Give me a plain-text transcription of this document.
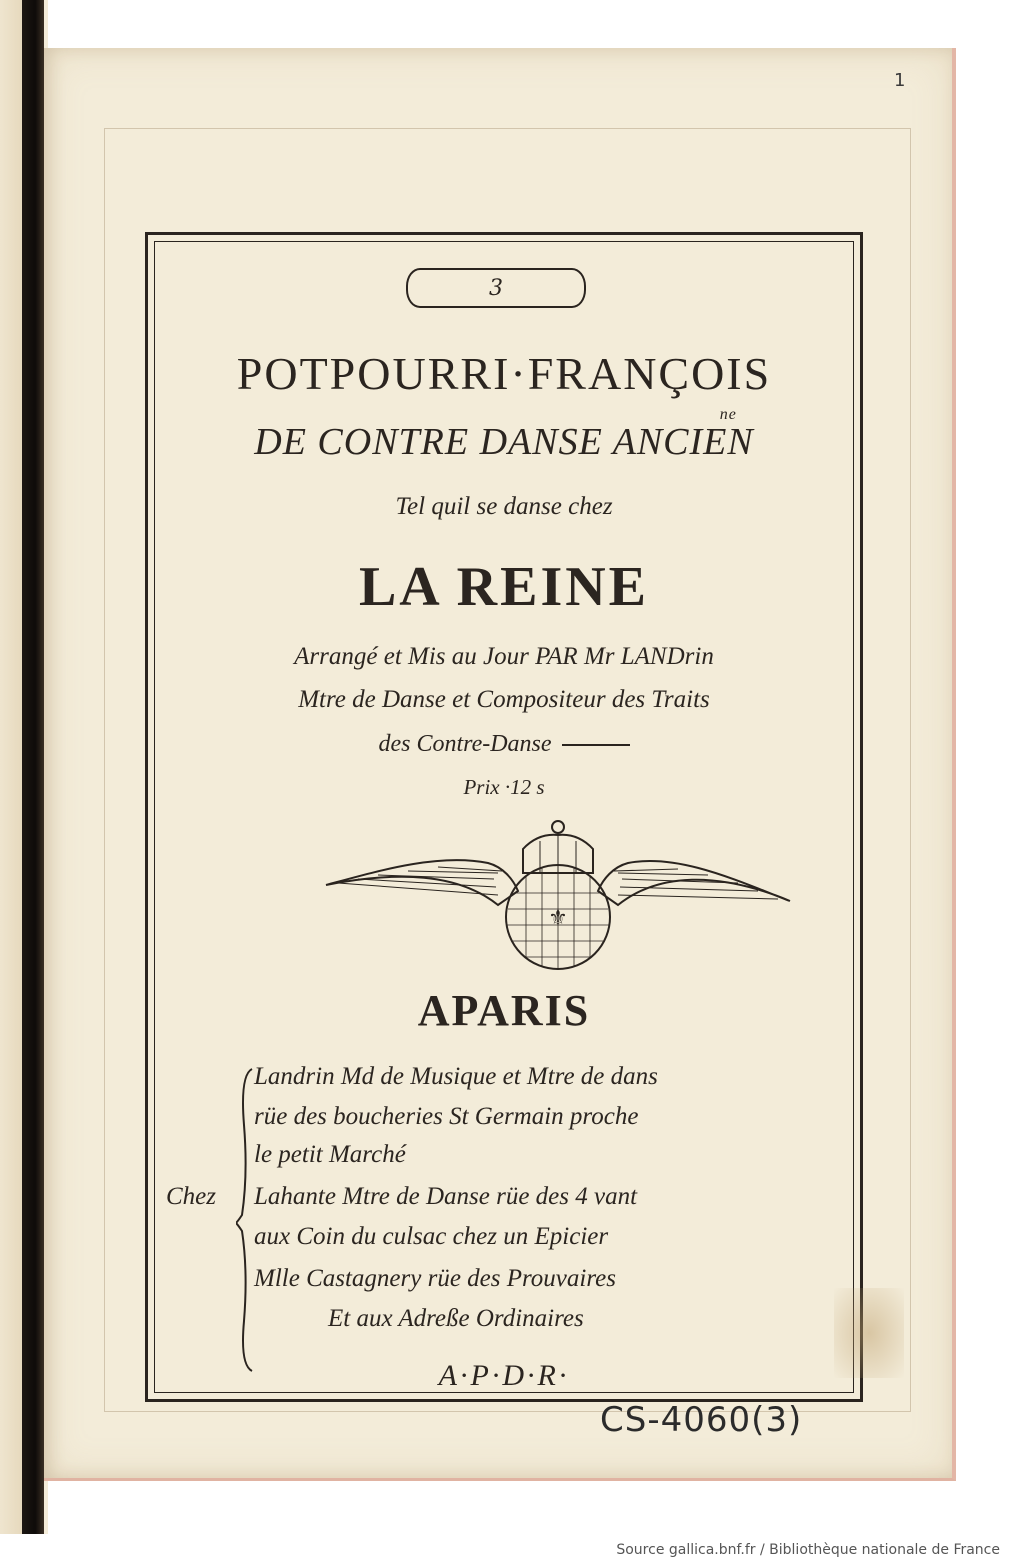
1
3
POTPOURRI·FRANÇOIS
DE CONTRE DANSE ANCIEN
ne
Tel quil se danse chez
LA REINE
Arrangé et Mis au Jour PAR Mr LANDrin
Mtre de Danse et Compositeur des Traits
des Contre-Danse
Prix ·12 s
⚜
APARIS
Chez
Landrin Md de Musique et Mtre de dans
rüe des boucheries St Germain proche
le petit Marché
Lahante Mtre de Danse rüe des 4 vant
aux Coin du culsac chez un Epicier
Mlle Castagnery rüe des Prouvaires
Et aux Adreße Ordinaires
A·P·D·R·
CS-4060(3)
Source gallica.bnf.fr / Bibliothèque nationale de France
